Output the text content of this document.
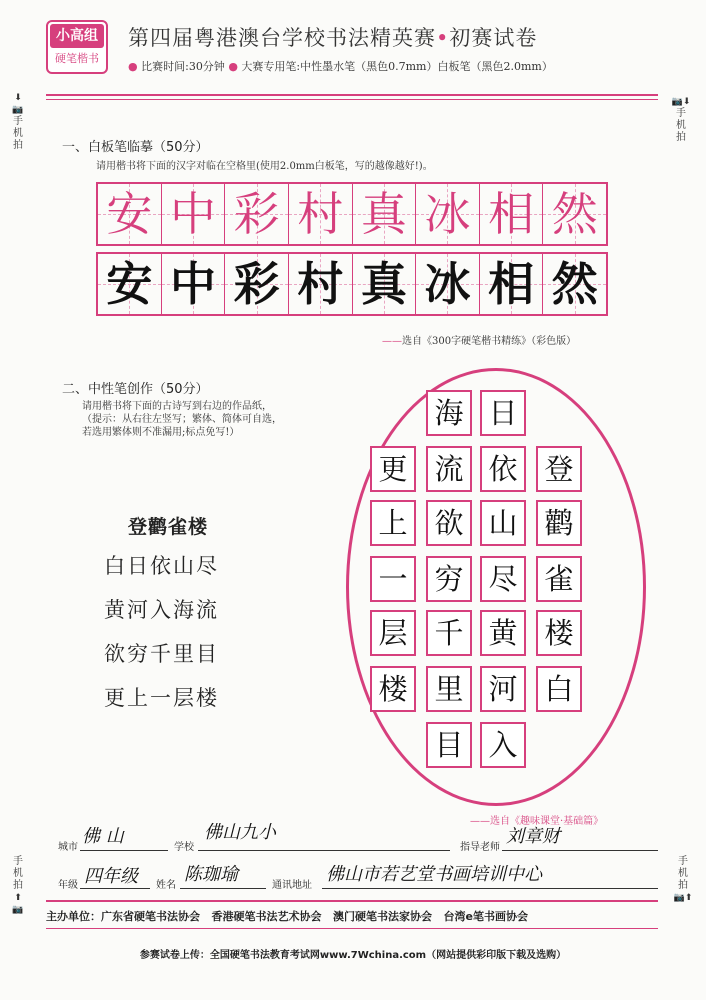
小高组
硬笔楷书
第四届粤港澳台学校书法精英赛•初赛试卷
● 比赛时间:30分钟 ● 大赛专用笔:中性墨水笔（黑色0.7mm）白板笔（黑色2.0mm）
⬇📷
手
机
拍
📷⬇
手
机
拍
一、白板笔临摹（50分）
请用楷书将下面的汉字对临在空格里(使用2.0mm白板笔，写的越像越好!)。
安 中 彩 村 真 冰 相 然
安 中 彩 村 真 冰 相 然
——选自《300字硬笔楷书精练》（彩色版）
二、中性笔创作（50分）
请用楷书将下面的古诗写到右边的作品纸，
（提示：从右往左竖写；繁体、简体可自选，
若选用繁体则不准漏用;标点免写!）
登鹳雀楼
白日依山尽
黄河入海流
欲穷千里目
更上一层楼
登
鹳
雀
楼
白
日
依
山
尽
黄
河
入
海
流
欲
穷
千
里
目
更
上
一
层
楼
——选自《趣味课堂·基础篇》
城市
佛 山
学校
佛山九小
指导老师
刘章财
年级 四年级 姓名
陈珈瑜
通讯地址
佛山市若艺堂书画培训中心
手
机
拍
⬆📷
手
机
拍
📷⬆
主办单位：广东省硬笔书法协会 香港硬笔书法艺术协会 澳门硬笔书法家协会 台湾e笔书画协会
参赛试卷上传：全国硬笔书法教育考试网www.7Wchina.com（网站提供彩印版下载及选购）
